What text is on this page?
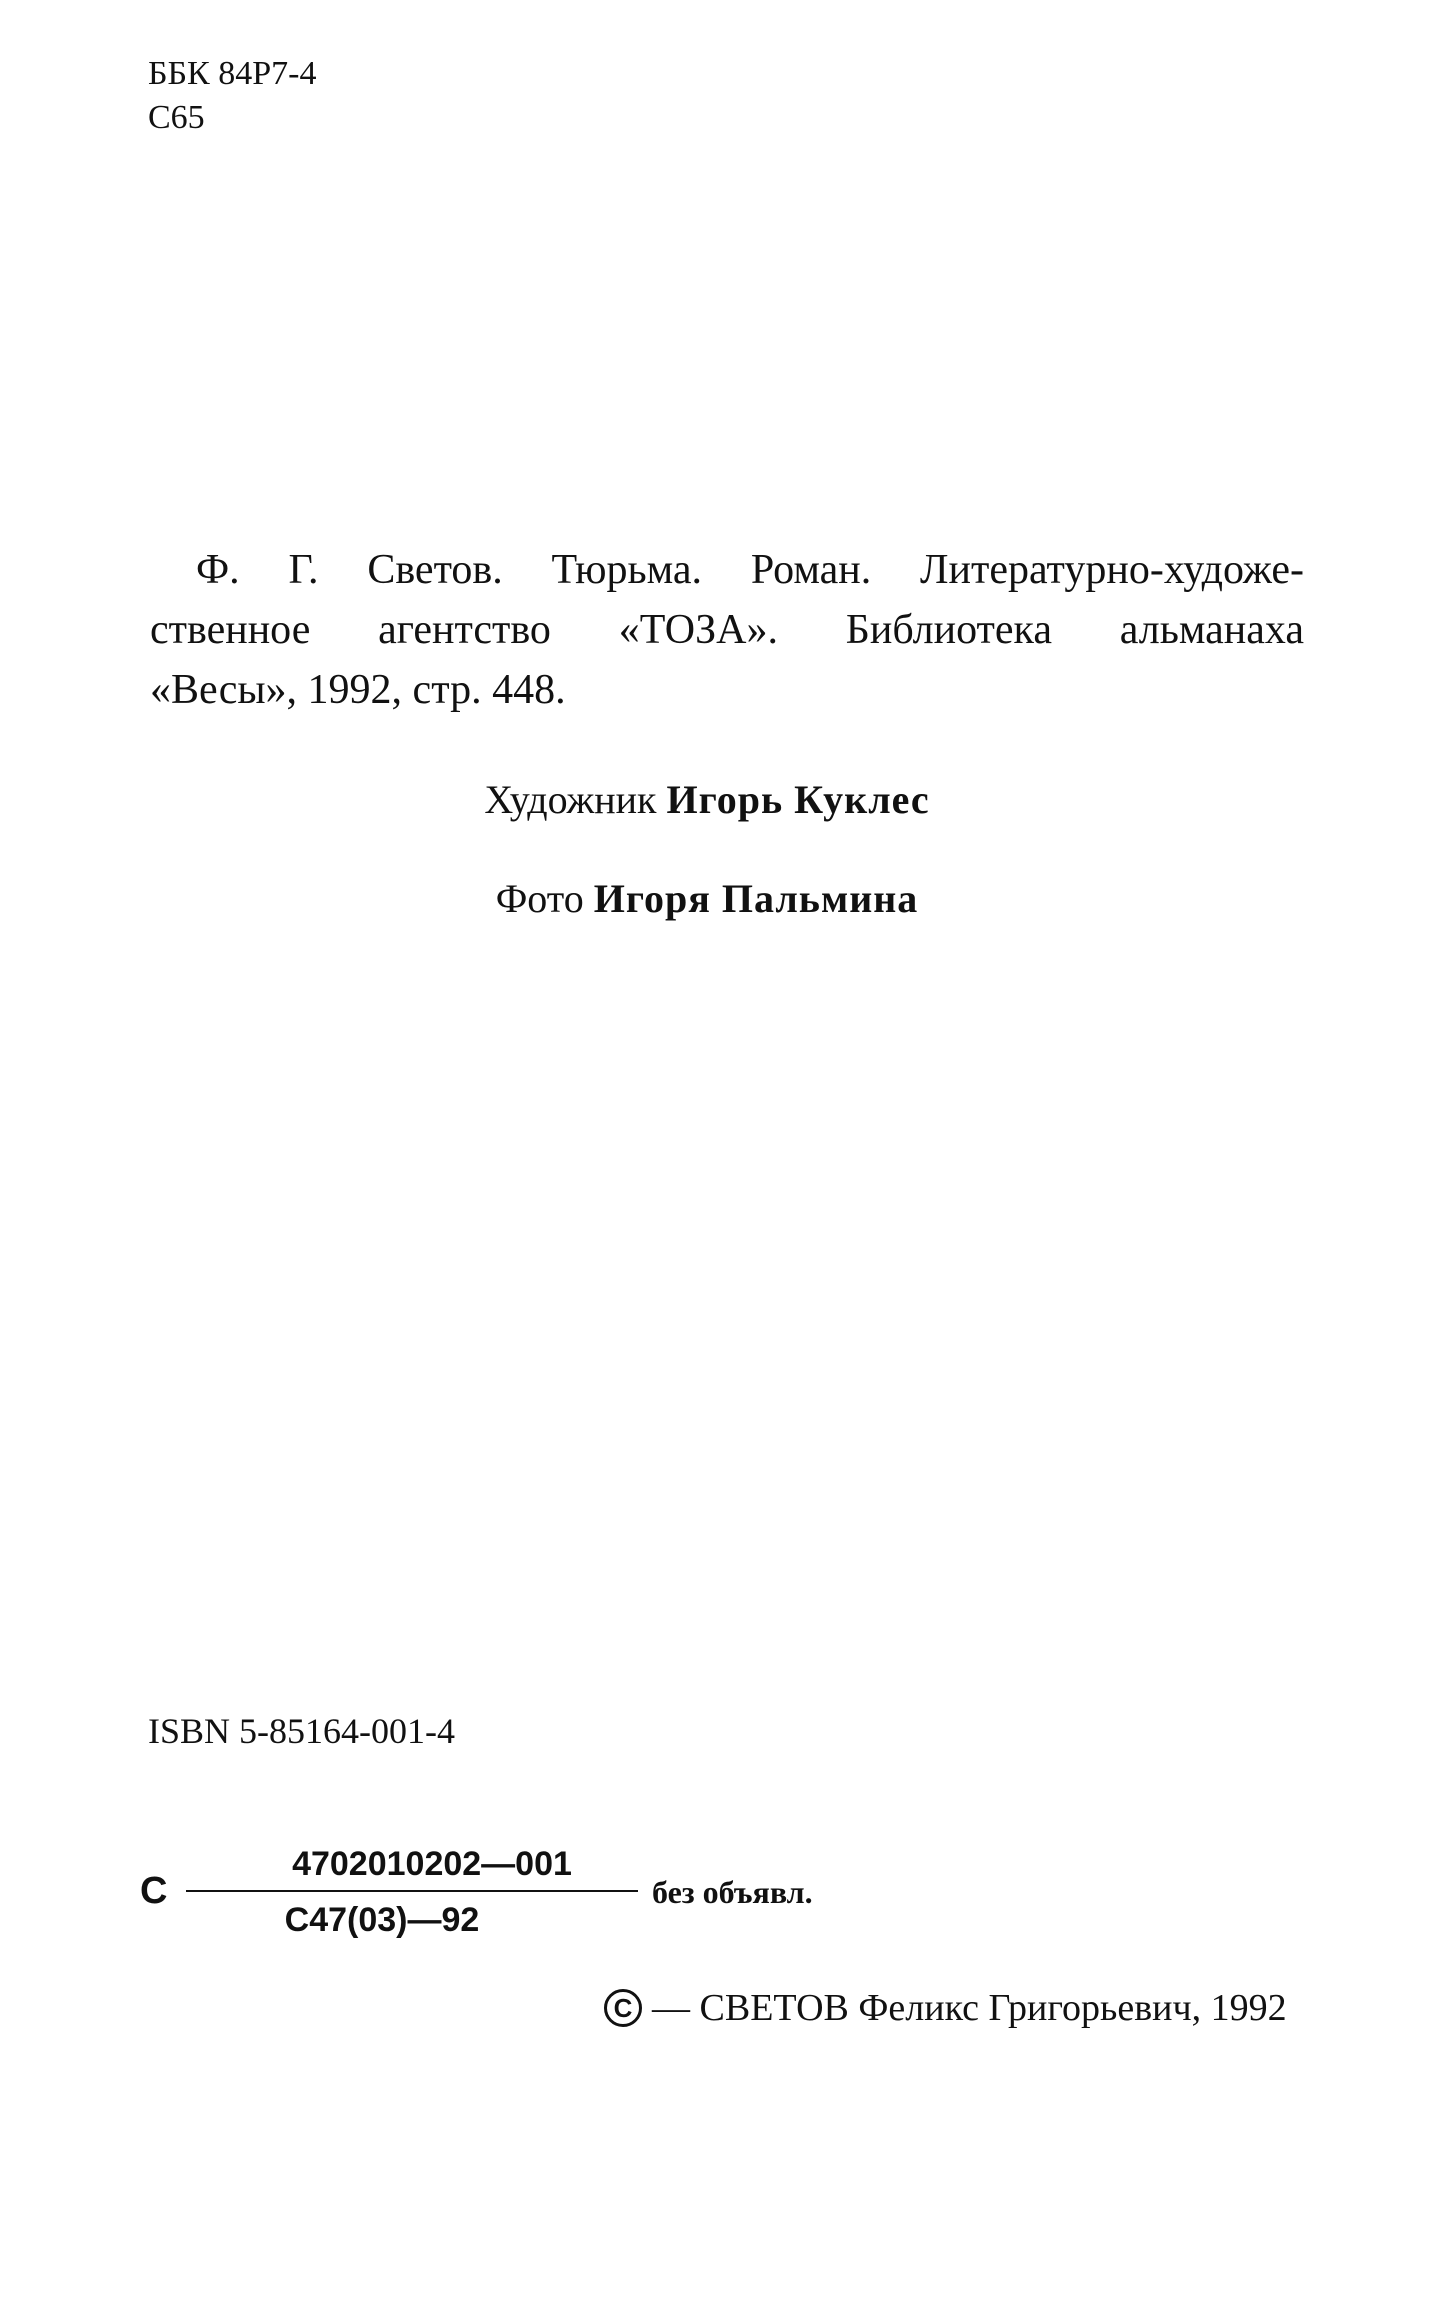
ББК 84Р7-4
С65
Ф. Г. Светов. Тюрьма. Роман. Литературно-художе-
ственное агентство «ТОЗА». Библиотека альманаха
«Весы», 1992, стр. 448.
Художник Игорь Куклес
Фото Игоря Пальмина
ISBN 5-85164-001-4
С
4702010202—001
С47(03)—92
без объявл.
C — СВЕТОВ Феликс Григорьевич, 1992
